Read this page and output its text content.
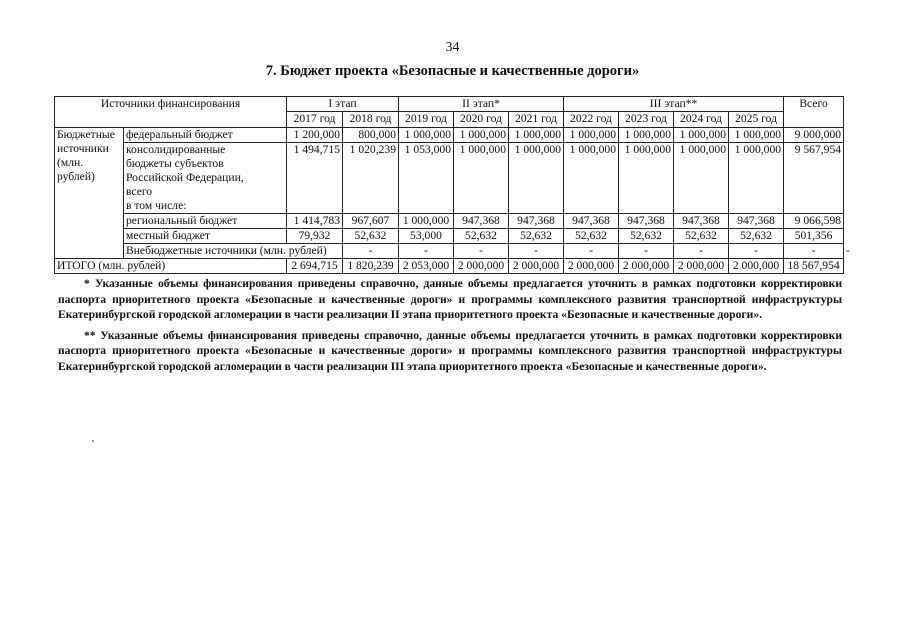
34
7. Бюджет проекта «Безопасные и качественные дороги»
Источники финансирования		I этап		II этап*			III этап**				Всего	
		2017 год	2018 год	2019 год	2020 год	2021 год	2022 год	2023 год	2024 год	2025 год		

Бюджетные
источники
(млн.
рублей)	федеральный бюджет	1 200,000	800,000	1 000,000	1 000,000	1 000,000	1 000,000	1 000,000	1 000,000	1 000,000	9 000,000	

	консолидированные
бюджеты субъектов
Российской Федерации,
всего
в том числе:	1 494,715	1 020,239	1 053,000	1 000,000	1 000,000	1 000,000	1 000,000	1 000,000	1 000,000	9 567,954	
	региональный бюджет	1 414,783	967,607	1 000,000	947,368	947,368	947,368	947,368	947,368	947,368	9 066,598	
	местный бюджет	79,932	52,632	53,000	52,632	52,632	52,632	52,632	52,632	52,632	501,356	
	Внебюджетные источники (млн. рублей)		-	-	-	-	-	-	-	-	-	-
ИТОГО (млн. рублей)		2 694,715	1 820,239	2 053,000	2 000,000	2 000,000	2 000,000	2 000,000	2 000,000	2 000,000	18 567,954	

* Указанные объемы финансирования приведены справочно, данные объемы предлагается уточнить в рамках подготовки корректировки паспорта приоритетного проекта «Безопасные и качественные дороги» и программы комплексного развития транспортной инфраструктуры Екатеринбургской городской агломерации в части реализации II этапа приоритетного проекта «Безопасные и качественные дороги».

** Указанные объемы финансирования приведены справочно, данные объемы предлагается уточнить в рамках подготовки корректировки паспорта приоритетного проекта «Безопасные и качественные дороги» и программы комплексного развития транспортной инфраструктуры Екатеринбургской городской агломерации в части реализации III этапа приоритетного проекта «Безопасные и качественные дороги».
